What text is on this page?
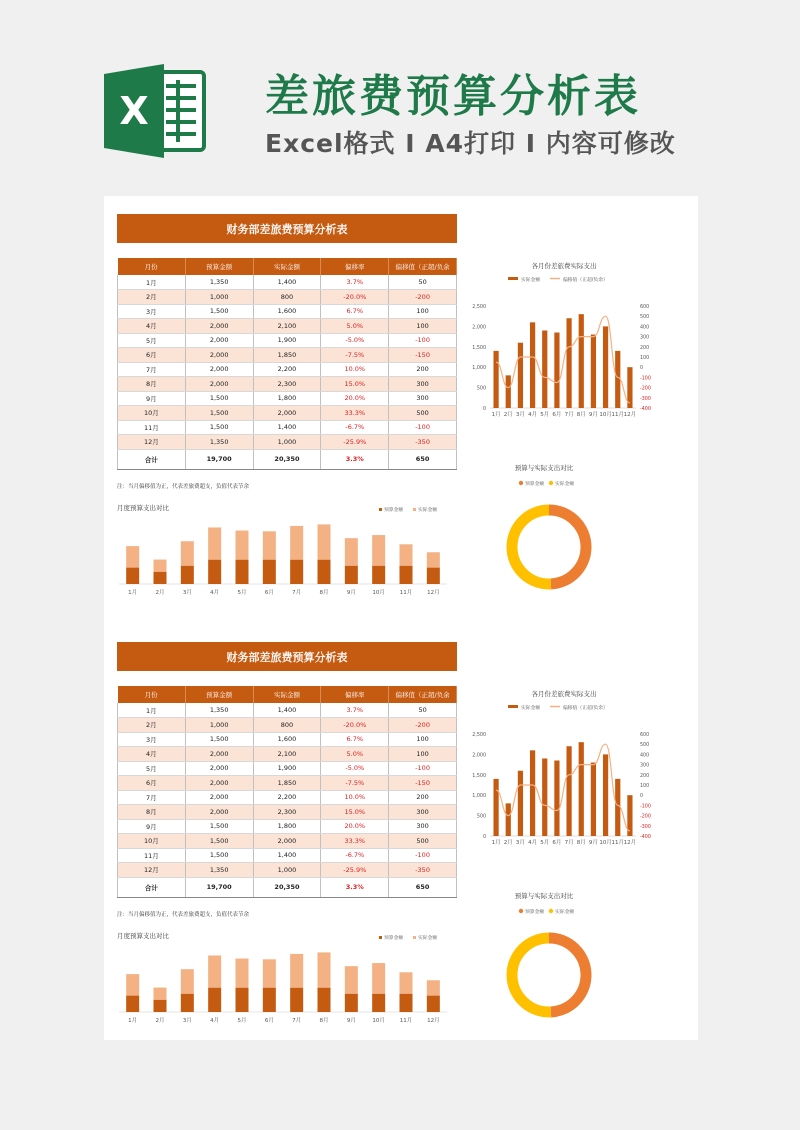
X	差旅费预算分析表
Excel格式 I A4打印 I 内容可修改
财务部差旅费预算分析表
月份	预算金额	实际金额	偏移率	偏移值（正超/负余
1月	1,350	1,400	3.7%	50
2月	1,000	800	-20.0%	-200
3月	1,500	1,600	6.7%	100
4月	2,000	2,100	5.0%	100
5月	2,000	1,900	-5.0%	-100
6月	2,000	1,850	-7.5%	-150
7月	2,000	2,200	10.0%	200
8月	2,000	2,300	15.0%	300
9月	1,500	1,800	20.0%	300
10月	1,500	2,000	33.3%	500
11月	1,500	1,400	-6.7%	-100
12月	1,350	1,000	-25.9%	-350
合计	19,700	20,350	3.3%	650
注：当月偏移值为正，代表差旅费超支，负值代表节余
各月份差旅费实际支出
实际金额	偏移值（正超/负余）
2,500
2,000
1,500
1,000
500
0
600
500
400
300
200
100
0
-100
-200
-300
-400
1月 2月 3月 4月 5月 6月 7月 8月 9月 10月 11月 12月
预算与实际支出对比
预算金额 实际金额
月度预算支出对比	预算金额	实际金额
1月	2月	3月	4月	5月	6月	7月	8月	9月	10月	11月	12月
财务部差旅费预算分析表
月份	预算金额	实际金额	偏移率	偏移值（正超/负余
1月	1,350	1,400	3.7%	50
2月	1,000	800	-20.0%	-200
3月	1,500	1,600	6.7%	100
4月	2,000	2,100	5.0%	100
5月	2,000	1,900	-5.0%	-100
6月	2,000	1,850	-7.5%	-150
7月	2,000	2,200	10.0%	200
8月	2,000	2,300	15.0%	300
9月	1,500	1,800	20.0%	300
10月	1,500	2,000	33.3%	500
11月	1,500	1,400	-6.7%	-100
12月	1,350	1,000	-25.9%	-350
合计	19,700	20,350	3.3%	650
注：当月偏移值为正，代表差旅费超支，负值代表节余
各月份差旅费实际支出
实际金额	偏移值（正超/负余）
2,500
2,000
1,500
1,000
500
0
600
500
400
300
200
100
0
-100
-200
-300
-400
1月 2月 3月 4月 5月 6月 7月 8月 9月 10月 11月 12月
预算与实际支出对比
预算金额 实际金额
月度预算支出对比	预算金额	实际金额
1月	2月	3月	4月	5月	6月	7月	8月	9月	10月	11月	12月
